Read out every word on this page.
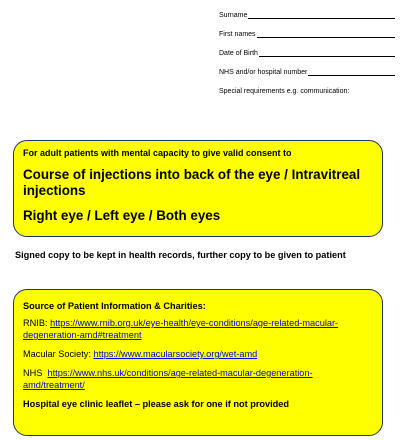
Surname
First names
Date of Birth
NHS and/or hospital number
Special requirements e.g. communication:
For adult patients with mental capacity to give valid consent to
Course of injections into back of the eye / Intravitreal injections
Right eye / Left eye / Both eyes
Signed copy to be kept in health records, further copy to be given to patient
Source of Patient Information & Charities:
RNIB: https://www.rnib.org.uk/eye-health/eye-conditions/age-related-macular-degeneration-amd#treatment
Macular Society: https://www.macularsociety.org/wet-amd
NHS https://www.nhs.uk/conditions/age-related-macular-degeneration-amd/treatment/
Hospital eye clinic leaflet – please ask for one if not provided
